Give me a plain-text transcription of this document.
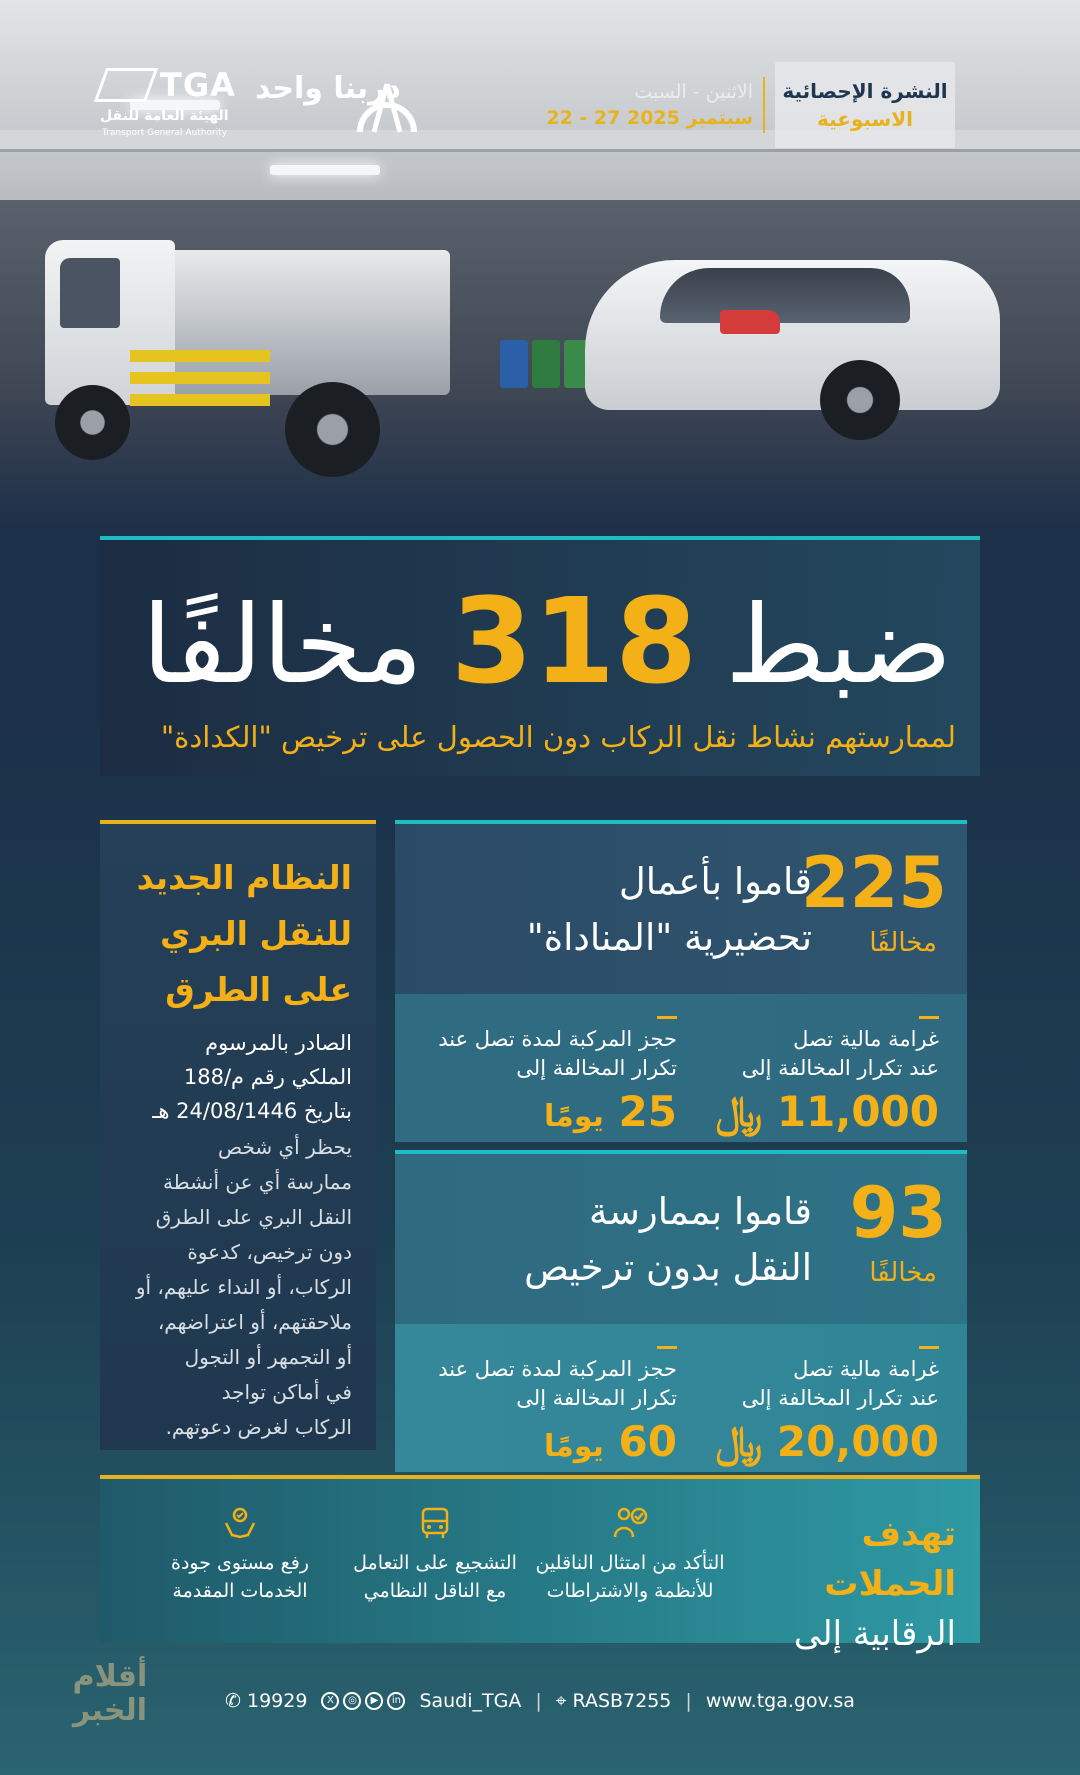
TGA
الهيئة العامة للنقل
Transport General Authority
دربنا واحد	الاثنين - السبت
22 - 27 سبتمبر 2025
النشرة الإحصائية
الاسبوعية
ضبط
318
مخالفًا
لممارستهم نشاط نقل الركاب دون الحصول على ترخيص "الكدادة"
النظام الجديد
للنقل البري
على الطرق
الصادر بالمرسوم
الملكي رقم م/188
بتاريخ 24/08/1446 هـ
يحظر أي شخص
ممارسة أي عن أنشطة
النقل البري على الطرق
دون ترخيص، كدعوة
الركاب، أو النداء عليهم، أو
ملاحقتهم، أو اعتراضهم،
أو التجمهر أو التجول
في أماكن تواجد
الركاب لغرض دعوتهم.
225
مخالفًا
قاموا بأعمال
تحضيرية "المناداة"
غرامة مالية تصل
عند تكرار المخالفة إلى
11,000 ﷼
حجز المركبة لمدة تصل عند
تكرار المخالفة إلى
25 يومًا
93
مخالفًا
قاموا بممارسة
النقل بدون ترخيص
غرامة مالية تصل
عند تكرار المخالفة إلى
20,000 ﷼
حجز المركبة لمدة تصل عند
تكرار المخالفة إلى
60 يومًا
تهدف الحملات
الرقابية إلى
التأكد من امتثال الناقلين
للأنظمة والاشتراطات
التشجيع على التعامل
مع الناقل النظامي
رفع مستوى جودة
الخدمات المقدمة
أقلام
الخبر	✆ 19929	X	◎	▶	in Saudi_TGA | ⌖ RASB7255 | www.tga.gov.sa
